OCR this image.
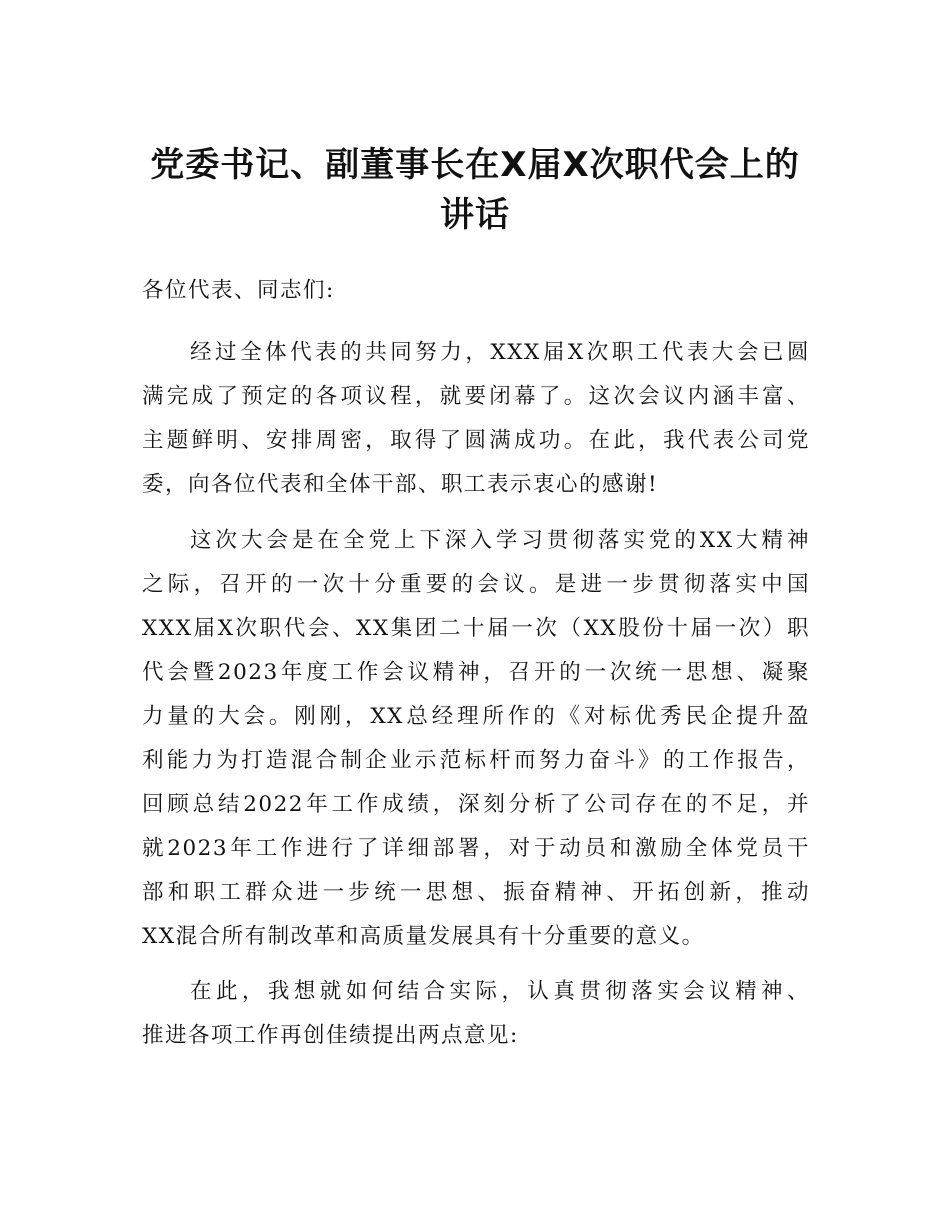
党委书记、副董事长在X届X次职代会上的
讲话
各位代表、同志们:
经过全体代表的共同努力，XXX届X次职工代表大会已圆
满完成了预定的各项议程，就要闭幕了。这次会议内涵丰富、
主题鲜明、安排周密，取得了圆满成功。在此，我代表公司党
委，向各位代表和全体干部、职工表示衷心的感谢!
这次大会是在全党上下深入学习贯彻落实党的XX大精神
之际，召开的一次十分重要的会议。是进一步贯彻落实中国
XXX届X次职代会、XX集团二十届一次（XX股份十届一次）职
代会暨2023年度工作会议精神，召开的一次统一思想、凝聚
力量的大会。刚刚，XX总经理所作的《对标优秀民企提升盈
利能力为打造混合制企业示范标杆而努力奋斗》的工作报告，
回顾总结2022年工作成绩，深刻分析了公司存在的不足，并
就2023年工作进行了详细部署，对于动员和激励全体党员干
部和职工群众进一步统一思想、振奋精神、开拓创新，推动
XX混合所有制改革和高质量发展具有十分重要的意义。
在此，我想就如何结合实际，认真贯彻落实会议精神、
推进各项工作再创佳绩提出两点意见:
